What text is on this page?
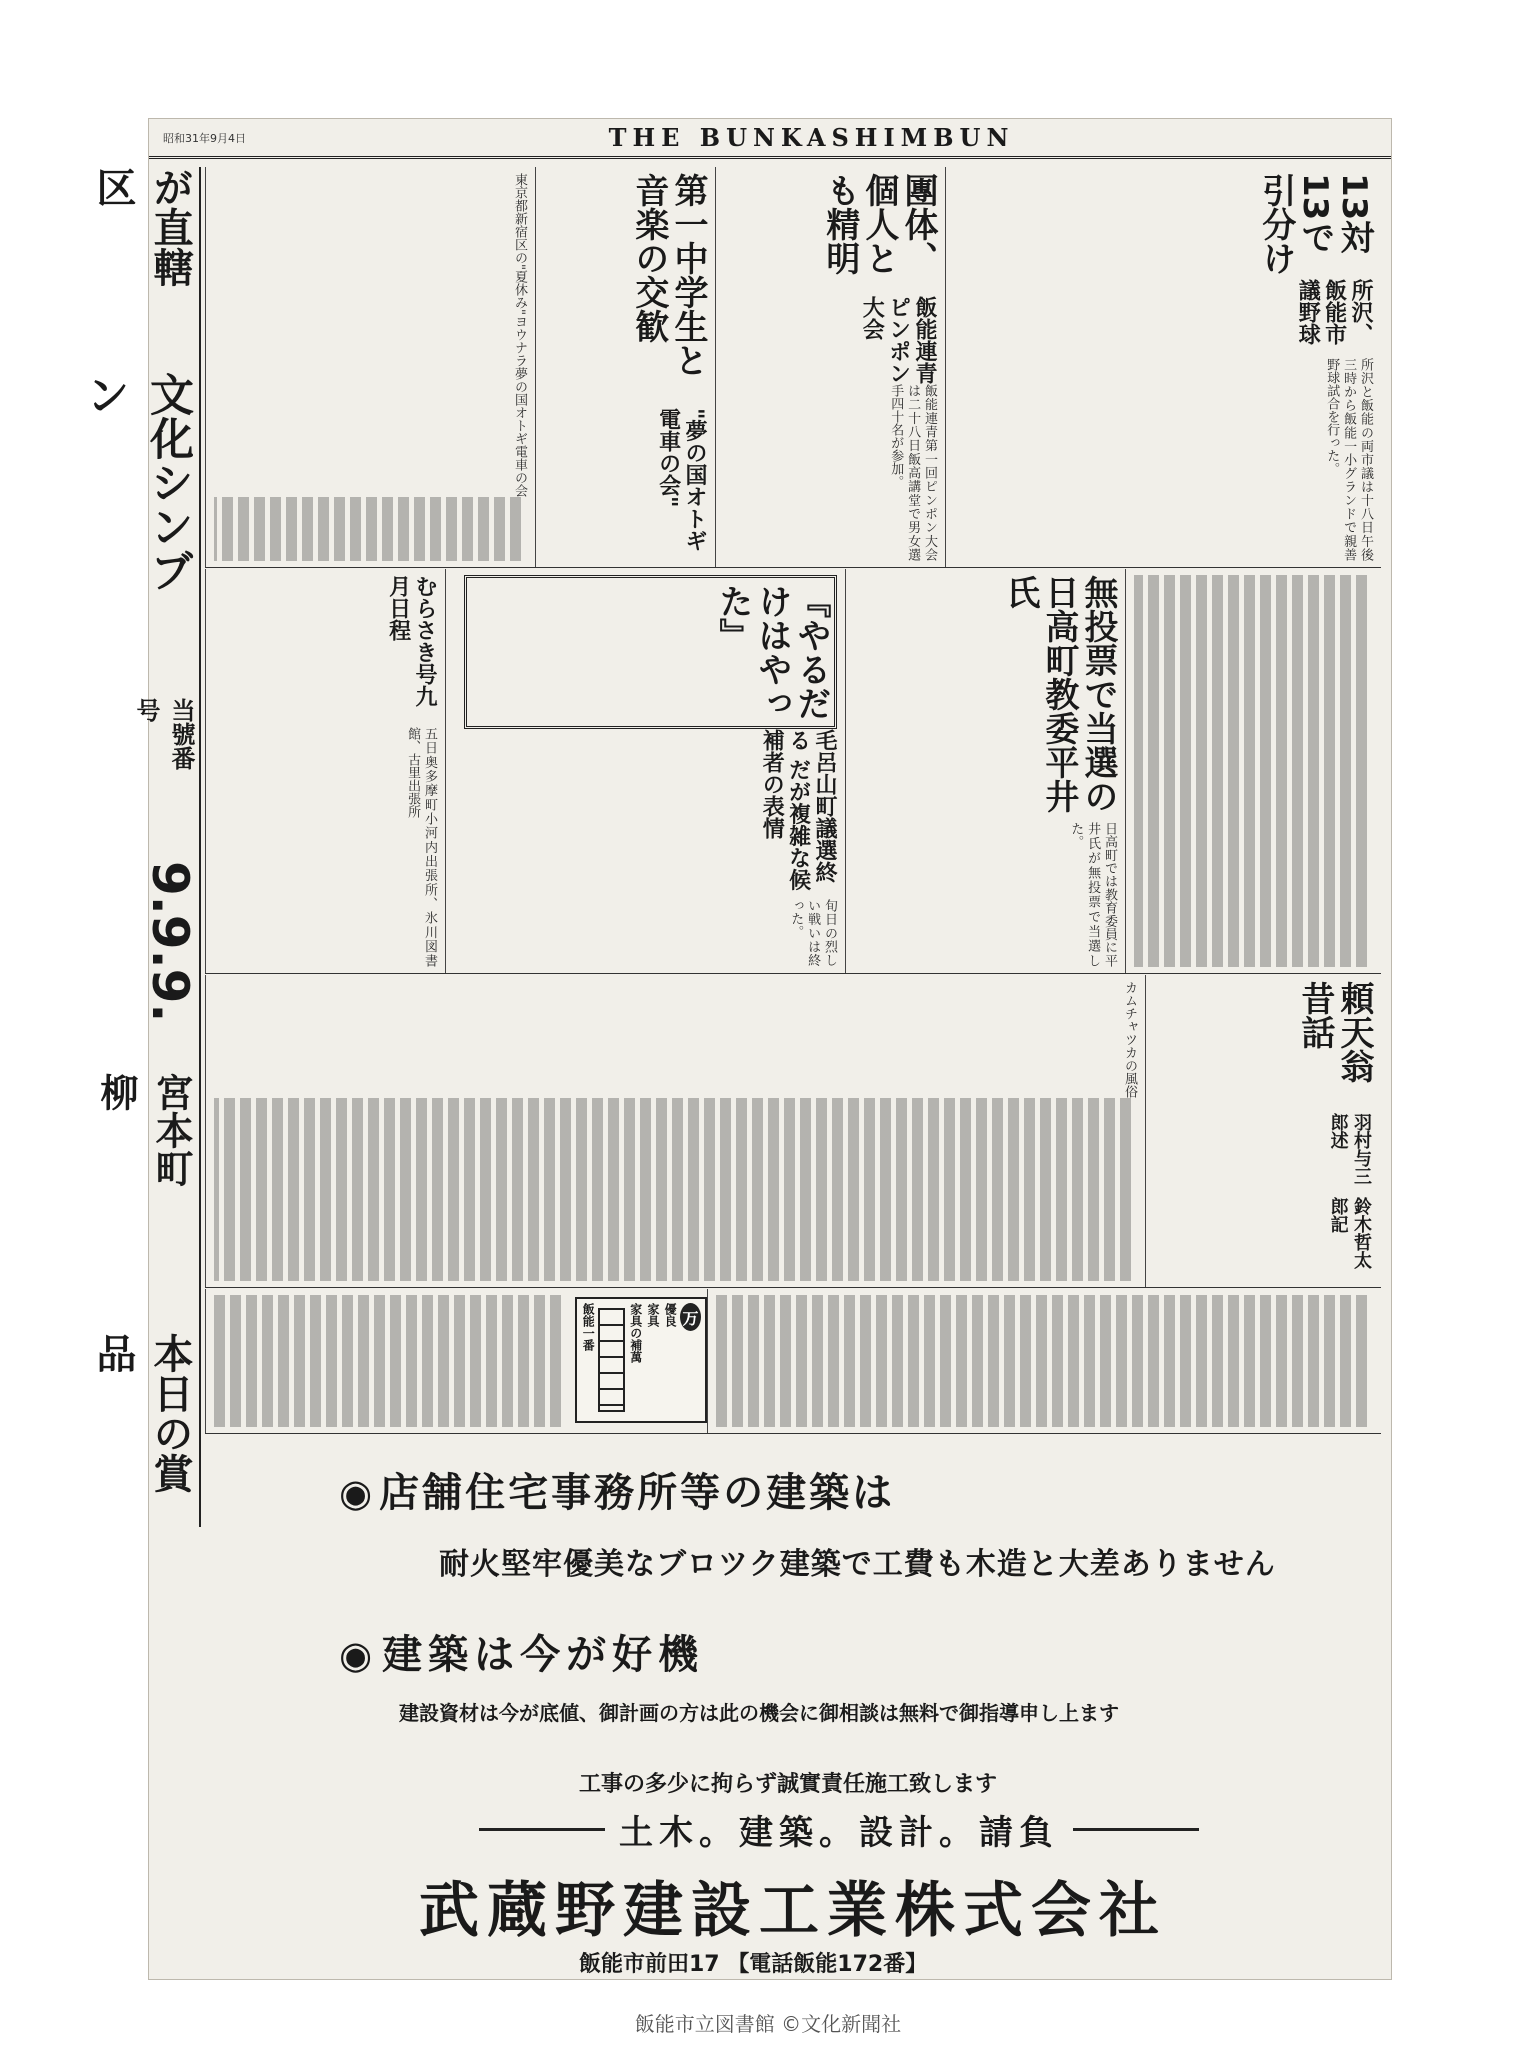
昭和31年9月4日	THE BUNKASHIMBUN
が直轄区
文化シンブン
当號番号
9.9.9.
宮本町 柳
本日の賞品
東京都新宿区の"夏休み"ヨウナラ夢の国オトギ電車の会	第一中学生と音楽の交歓
"夢の国オトギ電車の会"
團体、個人とも精明
飯能連青ピンポン大会
飯能連青第一回ピンポン大会は二十八日飯高講堂で男女選手四十名が参加。
13対13で引分け
所沢、飯能市議野球
所沢と飯能の両市議は十八日午後三時から飯能一小グランドで親善野球試合を行った。
むらさき号九月日程
五日奥多摩町小河内出張所、氷川図書館、古里出張所
『やるだけはやった』
毛呂山町議選終る だが複雑な候補者の表情
旬日の烈しい戦いは終った。
無投票で当選の日高町教委平井氏
日高町では教育委員に平井氏が無投票で当選した。
カムチャツカの風俗	頼天翁昔話
羽村与三郎述
鈴木哲太郎記
万
優良
家具
家具の補萬
飯能一番
◉ 店舗住宅事務所等の建築は
耐火堅牢優美なブロツク建築で工費も木造と大差ありません
◉ 建築は今が好機
建設資材は今が底値、御計画の方は此の機会に御相談は無料で御指導申し上ます
工事の多少に拘らず誠實責任施工致します
土木。建築。設計。請負
武蔵野建設工業株式会社
飯能市前田17 【電話飯能172番】
飯能市立図書館 ©文化新聞社
